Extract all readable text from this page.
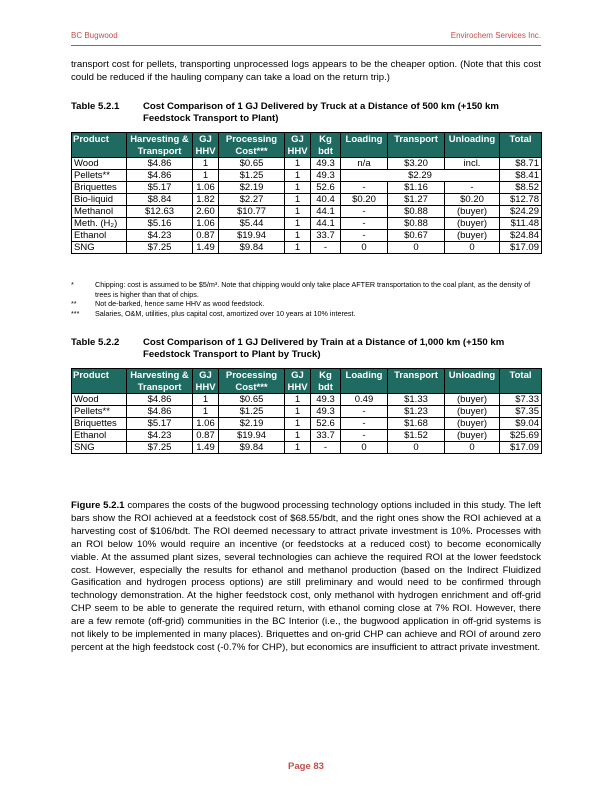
BC Bugwood	Envirochem Services Inc.

transport cost for pellets, transporting unprocessed logs appears to be the cheaper option. (Note that this cost could be reduced if the hauling company can take a load on the return trip.)

Table 5.2.1	Cost Comparison of 1 GJ Delivered by Truck at a Distance of 500 km (+150 km Feedstock Transport to Plant)
Product	Harvesting & Transport	GJ HHV	Processing Cost***	GJ HHV	Kg bdt	Loading	Transport	Unloading	Total
Wood	$4.86	1	$0.65	1	49.3	n/a	$3.20	incl.	$8.71
Pellets**	$4.86	1	$1.25	1	49.3	$2.29			$8.41
Briquettes	$5.17	1.06	$2.19	1	52.6	-	$1.16	-	$8.52
Bio-liquid	$8.84	1.82	$2.27	1	40.4	$0.20	$1.27	$0.20	$12.78
Methanol	$12.63	2.60	$10.77	1	44.1	-	$0.88	(buyer)	$24.29
Meth. (H₂)	$5.16	1.06	$5.44	1	44.1	-	$0.88	(buyer)	$11.48
Ethanol	$4.23	0.87	$19.94	1	33.7	-	$0.67	(buyer)	$24.84
SNG	$7.25	1.49	$9.84	1	-	0	0	0	$17.09
*	Chipping: cost is assumed to be $5/m³. Note that chipping would only take place AFTER transportation to the coal plant, as the density of trees is higher than that of chips.
**	Not de-barked, hence same HHV as wood feedstock.
***	Salaries, O&M, utilities, plus capital cost, amortized over 10 years at 10% interest.
Table 5.2.2	Cost Comparison of 1 GJ Delivered by Train at a Distance of 1,000 km (+150 km Feedstock Transport to Plant by Truck)
Product	Harvesting & Transport	GJ HHV	Processing Cost***	GJ HHV	Kg bdt	Loading	Transport	Unloading	Total
Wood	$4.86	1	$0.65	1	49.3	0.49	$1.33	(buyer)	$7.33
Pellets**	$4.86	1	$1.25	1	49.3	-	$1.23	(buyer)	$7.35
Briquettes	$5.17	1.06	$2.19	1	52.6	-	$1.68	(buyer)	$9.04
Ethanol	$4.23	0.87	$19.94	1	33.7	-	$1.52	(buyer)	$25.69
SNG	$7.25	1.49	$9.84	1	-	0	0	0	$17.09

Figure 5.2.1 compares the costs of the bugwood processing technology options included in this study. The left bars show the ROI achieved at a feedstock cost of $68.55/bdt, and the right ones show the ROI achieved at a harvesting cost of $106/bdt. The ROI deemed necessary to attract private investment is 10%. Processes with an ROI below 10% would require an incentive (or feedstocks at a reduced cost) to become economically viable. At the assumed plant sizes, several technologies can achieve the required ROI at the lower feedstock cost. However, especially the results for ethanol and methanol production (based on the Indirect Fluidized Gasification and hydrogen process options) are still preliminary and would need to be confirmed through technology demonstration. At the higher feedstock cost, only methanol with hydrogen enrichment and off-grid CHP seem to be able to generate the required return, with ethanol coming close at 7% ROI. However, there are a few remote (off-grid) communities in the BC Interior (i.e., the bugwood application in off-grid systems is not likely to be implemented in many places). Briquettes and on-grid CHP can achieve and ROI of around zero percent at the high feedstock cost (-0.7% for CHP), but economics are insufficient to attract private investment.

Page 83
